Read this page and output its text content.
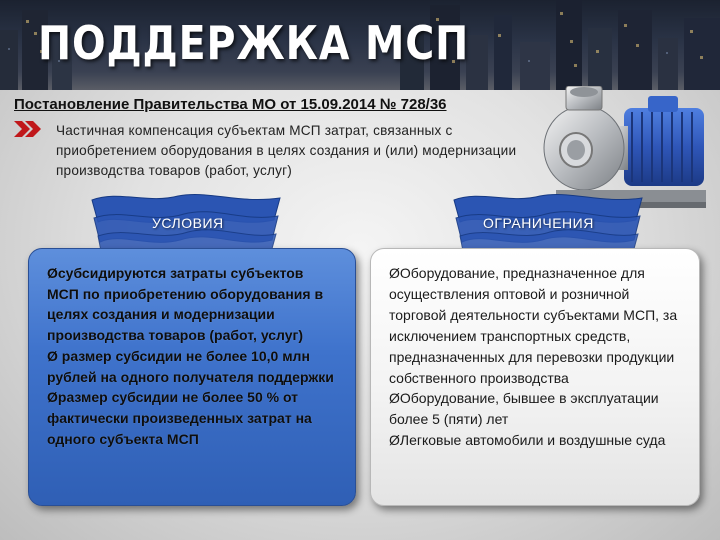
ПОДДЕРЖКА МСП
Постановление Правительства МО от 15.09.2014 № 728/36
Частичная компенсация субъектам МСП затрат, связанных с приобретением оборудования в целях создания и (или) модернизации производства товаров (работ, услуг)
УСЛОВИЯ	ОГРАНИЧЕНИЯ
Øсубсидируются затраты субъектов МСП по приобретению оборудования в целях создания и модернизации производства товаров (работ, услуг)
Ø размер субсидии не более 10,0 млн рублей на одного получателя поддержки
Øразмер субсидии не более 50 % от фактически произведенных затрат на одного субъекта МСП
ØОборудование, предназначенное для осуществления оптовой и розничной торговой деятельности субъектами МСП, за исключением транспортных средств, предназначенных для перевозки продукции собственного производства
ØОборудование, бывшее в эксплуатации более 5 (пяти) лет
ØЛегковые автомобили и воздушные суда
